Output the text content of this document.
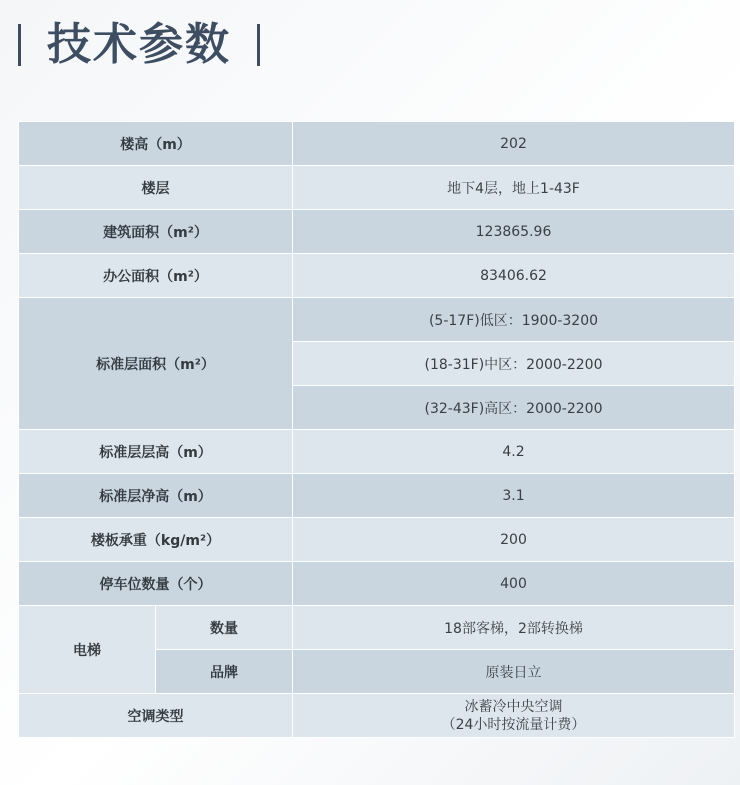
技术参数
楼高（m）		202
楼层		地下4层，地上1-43F
建筑面积（m²）		123865.96
办公面积（m²）		83406.62
标准层面积（m²）		(5-17F)低区：1900-3200
		(18-31F)中区：2000-2200
		(32-43F)高区：2000-2200
标准层层高（m）		4.2
标准层净高（m）		3.1
楼板承重（kg/m²）		200
停车位数量（个）		400
电梯	数量	18部客梯，2部转换梯
	品牌	原装日立
空调类型		冰蓄冷中央空调
（24小时按流量计费）
